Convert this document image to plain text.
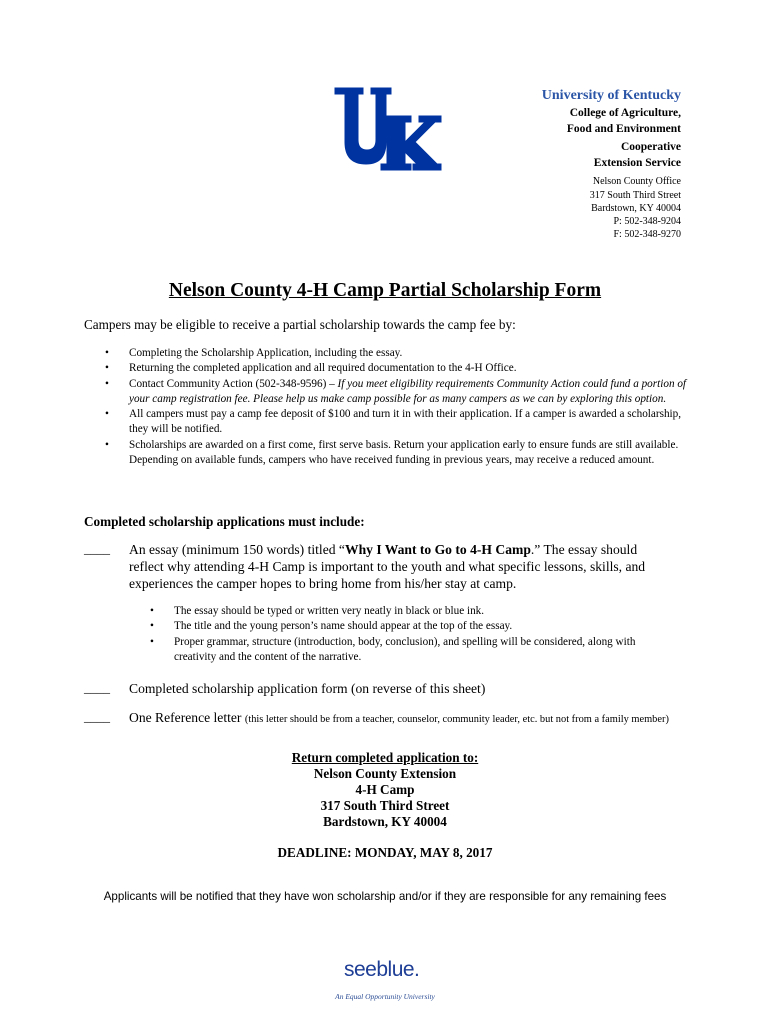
®
University of Kentucky
College of Agriculture,
Food and Environment
Cooperative
Extension Service
Nelson County Office
317 South Third Street
Bardstown, KY 40004
P: 502-348-9204
F: 502-348-9270
Nelson County 4-H Camp Partial Scholarship Form
Campers may be eligible to receive a partial scholarship towards the camp fee by:
• Completing the Scholarship Application, including the essay.
• Returning the completed application and all required documentation to the 4-H Office.
• Contact Community Action (502-348-9596) – If you meet eligibility requirements Community Action could fund a portion of your camp registration fee. Please help us make camp possible for as many campers as we can by exploring this option.
• All campers must pay a camp fee deposit of $100 and turn it in with their application. If a camper is awarded a scholarship, they will be notified.
• Scholarships are awarded on a first come, first serve basis. Return your application early to ensure funds are still available. Depending on available funds, campers who have received funding in previous years, may receive a reduced amount.
Completed scholarship applications must include:
____ An essay (minimum 150 words) titled “Why I Want to Go to 4-H Camp.” The essay should reflect why attending 4-H Camp is important to the youth and what specific lessons, skills, and experiences the camper hopes to bring home from his/her stay at camp.
• The essay should be typed or written very neatly in black or blue ink.
• The title and the young person’s name should appear at the top of the essay.
• Proper grammar, structure (introduction, body, conclusion), and spelling will be considered, along with creativity and the content of the narrative.
____ Completed scholarship application form (on reverse of this sheet)
____ One Reference letter (this letter should be from a teacher, counselor, community leader, etc. but not from a family member)
Return completed application to:
Nelson County Extension
4-H Camp
317 South Third Street
Bardstown, KY 40004
DEADLINE: MONDAY, MAY 8, 2017
Applicants will be notified that they have won scholarship and/or if they are responsible for any remaining fees
seeblue.
An Equal Opportunity University
